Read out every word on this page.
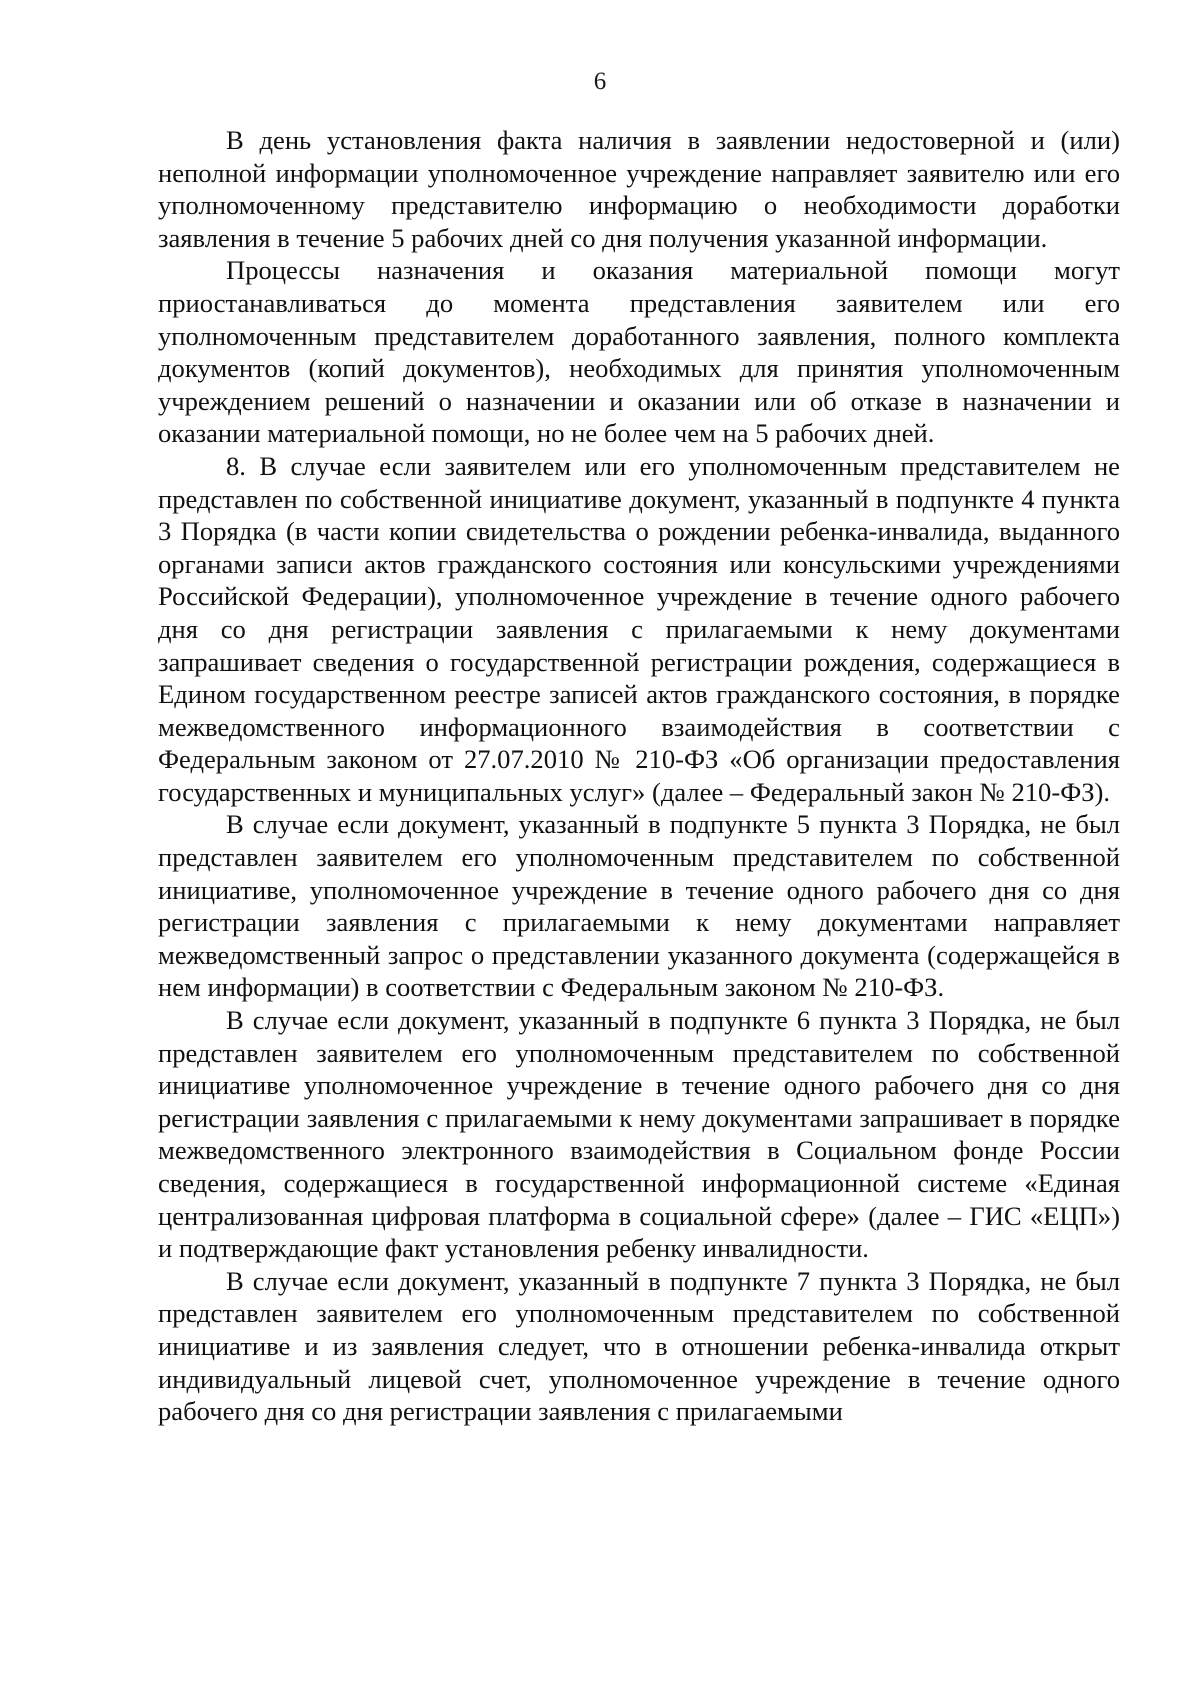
6

В день установления факта наличия в заявлении недостоверной и (или) неполной информации уполномоченное учреждение направляет заявителю или его уполномоченному представителю информацию о необходимости доработки заявления в течение 5 рабочих дней со дня получения указанной информации.

Процессы назначения и оказания материальной помощи могут приостанавливаться до момента представления заявителем или его уполномоченным представителем доработанного заявления, полного комплекта документов (копий документов), необходимых для принятия уполномоченным учреждением решений о назначении и оказании или об отказе в назначении и оказании материальной помощи, но не более чем на 5 рабочих дней.

8. В случае если заявителем или его уполномоченным представителем не представлен по собственной инициативе документ, указанный в подпункте 4 пункта 3 Порядка (в части копии свидетельства о рождении ребенка-инвалида, выданного органами записи актов гражданского состояния или консульскими учреждениями Российской Федерации), уполномоченное учреждение в течение одного рабочего дня со дня регистрации заявления с прилагаемыми к нему документами запрашивает сведения о государственной регистрации рождения, содержащиеся в Едином государственном реестре записей актов гражданского состояния, в порядке межведомственного информационного взаимодействия в соответствии с Федеральным законом от 27.07.2010 № 210-ФЗ «Об организации предоставления государственных и муниципальных услуг» (далее – Федеральный закон № 210-ФЗ).

В случае если документ, указанный в подпункте 5 пункта 3 Порядка, не был представлен заявителем его уполномоченным представителем по собственной инициативе, уполномоченное учреждение в течение одного рабочего дня со дня регистрации заявления с прилагаемыми к нему документами направляет межведомственный запрос о представлении указанного документа (содержащейся в нем информации) в соответствии с Федеральным законом № 210-ФЗ.

В случае если документ, указанный в подпункте 6 пункта 3 Порядка, не был представлен заявителем его уполномоченным представителем по собственной инициативе уполномоченное учреждение в течение одного рабочего дня со дня регистрации заявления с прилагаемыми к нему документами запрашивает в порядке межведомственного электронного взаимодействия в Социальном фонде России сведения, содержащиеся в государственной информационной системе «Единая централизованная цифровая платформа в социальной сфере» (далее – ГИС «ЕЦП») и подтверждающие факт установления ребенку инвалидности.

В случае если документ, указанный в подпункте 7 пункта 3 Порядка, не был представлен заявителем его уполномоченным представителем по собственной инициативе и из заявления следует, что в отношении ребенка-инвалида открыт индивидуальный лицевой счет, уполномоченное учреждение в течение одного рабочего дня со дня регистрации заявления с прилагаемыми
